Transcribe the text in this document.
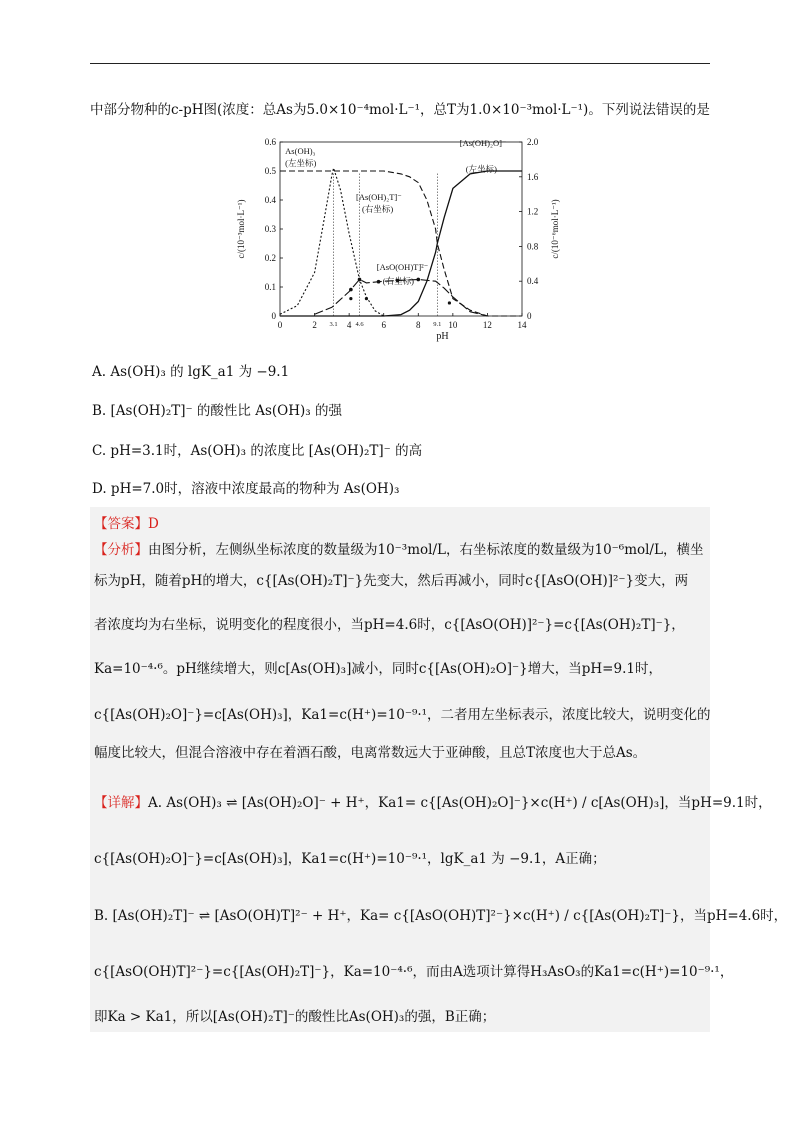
中部分物种的c-pH图(浓度：总As为5.0×10⁻⁴mol·L⁻¹，总T为1.0×10⁻³mol·L⁻¹)。下列说法错误的是
0	2	4	6	8	10	12	14
3.1	4.6	9.1
0
0.1
0.2
0.3
0.4
0.5
0.6
0
0.4
0.8
1.2
1.6
2.0
pH
c/(10⁻³mol·L⁻¹)	c/(10⁻⁶mol·L⁻¹)
As(OH)₃
(左坐标)
[As(OH)₂T]⁻
(右坐标)
[AsO(OH)T]²⁻
(右坐标)
[As(OH)₂O]⁻
(左坐标)
A. As(OH)₃ 的 lgK_a1 为 −9.1
B. [As(OH)₂T]⁻ 的酸性比 As(OH)₃ 的强
C. pH=3.1时，As(OH)₃ 的浓度比 [As(OH)₂T]⁻ 的高
D. pH=7.0时，溶液中浓度最高的物种为 As(OH)₃
【答案】D
【分析】由图分析，左侧纵坐标浓度的数量级为10⁻³mol/L，右坐标浓度的数量级为10⁻⁶mol/L，横坐
标为pH，随着pH的增大，c{[As(OH)₂T]⁻}先变大，然后再减小，同时c{[AsO(OH)]²⁻}变大，两
者浓度均为右坐标，说明变化的程度很小，当pH=4.6时，c{[AsO(OH)]²⁻}=c{[As(OH)₂T]⁻}，
Ka=10⁻⁴·⁶。pH继续增大，则c[As(OH)₃]减小，同时c{[As(OH)₂O]⁻}增大，当pH=9.1时，
c{[As(OH)₂O]⁻}=c[As(OH)₃]，Ka1=c(H⁺)=10⁻⁹·¹，二者用左坐标表示，浓度比较大，说明变化的
幅度比较大，但混合溶液中存在着酒石酸，电离常数远大于亚砷酸，且总T浓度也大于总As。
【详解】A. As(OH)₃ ⇌ [As(OH)₂O]⁻ + H⁺，Ka1= c{[As(OH)₂O]⁻}×c(H⁺) / c[As(OH)₃]，当pH=9.1时，
c{[As(OH)₂O]⁻}=c[As(OH)₃]，Ka1=c(H⁺)=10⁻⁹·¹，lgK_a1 为 −9.1，A正确；
B. [As(OH)₂T]⁻ ⇌ [AsO(OH)T]²⁻ + H⁺，Ka= c{[AsO(OH)T]²⁻}×c(H⁺) / c{[As(OH)₂T]⁻}，当pH=4.6时，
c{[AsO(OH)T]²⁻}=c{[As(OH)₂T]⁻}，Ka=10⁻⁴·⁶，而由A选项计算得H₃AsO₃的Ka1=c(H⁺)=10⁻⁹·¹，
即Ka > Ka1，所以[As(OH)₂T]⁻的酸性比As(OH)₃的强，B正确；
